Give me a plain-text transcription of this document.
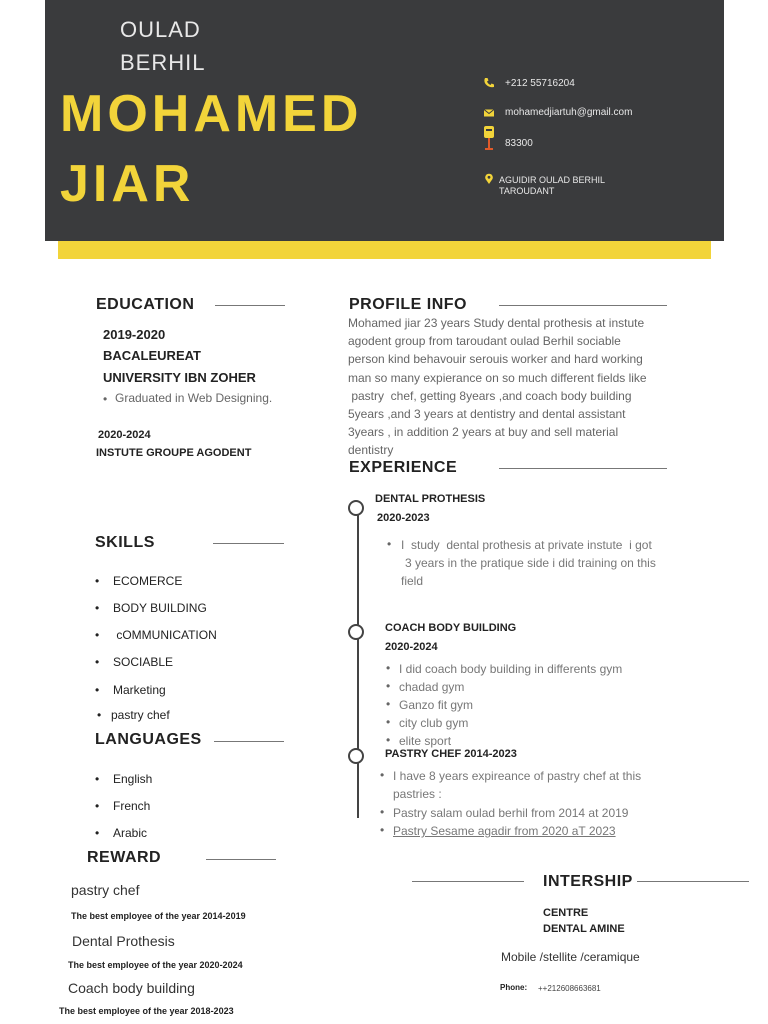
OULAD
BERHIL
MOHAMED
JIAR
+212 55716204
mohamedjiartuh@gmail.com
83300
AGUIDIR OULAD BERHIL
TAROUDANT
EDUCATION
2019-2020
BACALEUREAT
UNIVERSITY IBN ZOHER
• Graduated in Web Designing.
2020-2024
INSTUTE GROUPE AGODENT
PROFILE INFO
Mohamed jiar 23 years Study dental prothesis at instute
agodent group from taroudant oulad Berhil sociable
person kind behavouir serouis worker and hard working
man so many expierance on so much different fields like
pastry  chef, getting 8years ,and coach body building
5years ,and 3 years at dentistry and dental assistant
3years , in addition 2 years at buy and sell material
dentistry
SKILLS
• ECOMERCE
• BODY BUILDING
• cOMMUNICATION
• SOCIABLE
• Marketing
• pastry chef
LANGUAGES
• English
• French
• Arabic
REWARD
pastry chef
The best employee of the year 2014-2019
Dental Prothesis
The best employee of the year 2020-2024
Coach body building
The best employee of the year 2018-2023
EXPERIENCE
DENTAL PROTHESIS
2020-2023
• I  study  dental prothesis at private instute  i got
3 years in the pratique side i did training on this
field
COACH BODY BUILDING
2020-2024
• I did coach body building in differents gym
• chadad gym
• Ganzo fit gym
• city club gym
• elite sport
PASTRY CHEF 2014-2023
• I have 8 years expireance of pastry chef at this
pastries :
• Pastry salam oulad berhil from 2014 at 2019
• Pastry Sesame agadir from 2020 aT 2023
INTERSHIP
CENTRE
DENTAL AMINE
Mobile /stellite /ceramique
Phone: ++212608663681
